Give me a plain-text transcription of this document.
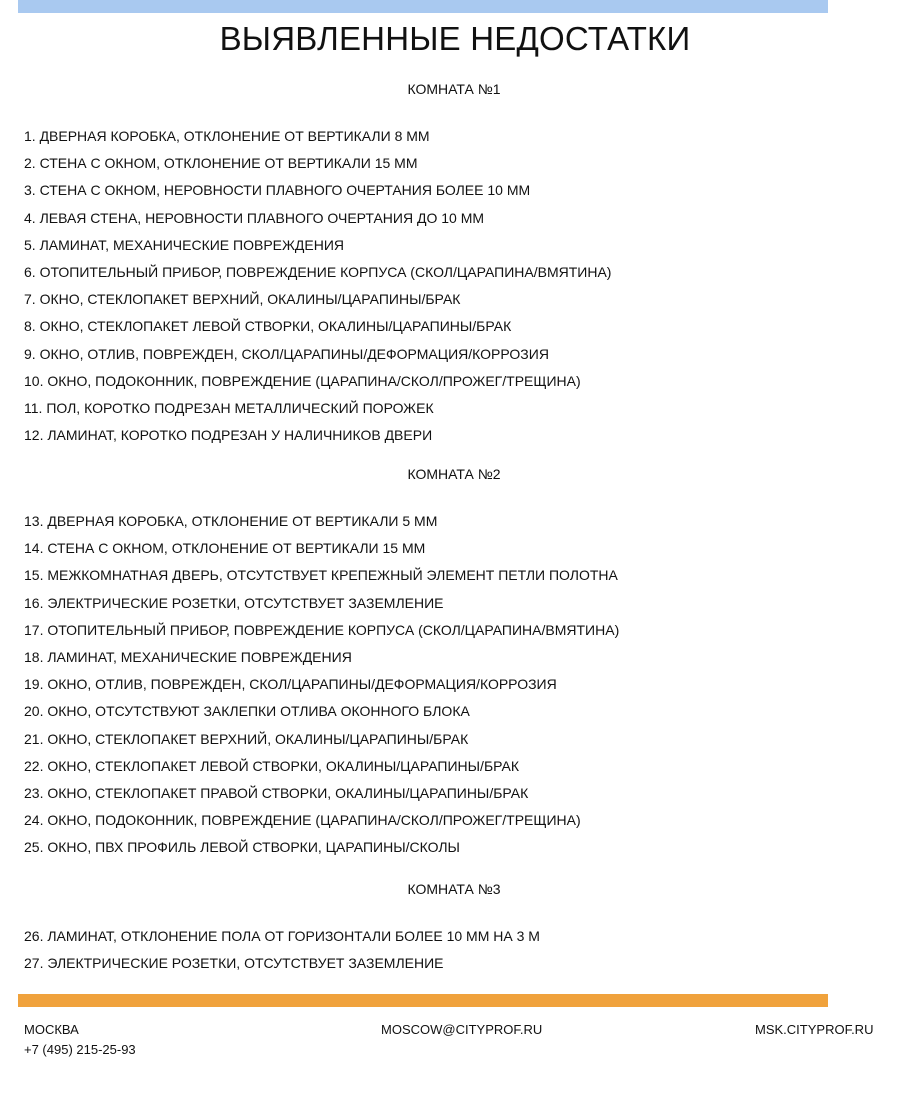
ВЫЯВЛЕННЫЕ НЕДОСТАТКИ
КОМНАТА №1
1. ДВЕРНАЯ КОРОБКА, ОТКЛОНЕНИЕ ОТ ВЕРТИКАЛИ 8 ММ
2. СТЕНА С ОКНОМ, ОТКЛОНЕНИЕ ОТ ВЕРТИКАЛИ 15 ММ
3. СТЕНА С ОКНОМ, НЕРОВНОСТИ ПЛАВНОГО ОЧЕРТАНИЯ БОЛЕЕ 10 ММ
4. ЛЕВАЯ СТЕНА, НЕРОВНОСТИ ПЛАВНОГО ОЧЕРТАНИЯ ДО 10 ММ
5. ЛАМИНАТ, МЕХАНИЧЕСКИЕ ПОВРЕЖДЕНИЯ
6. ОТОПИТЕЛЬНЫЙ ПРИБОР, ПОВРЕЖДЕНИЕ КОРПУСА (СКОЛ/ЦАРАПИНА/ВМЯТИНА)
7. ОКНО, СТЕКЛОПАКЕТ ВЕРХНИЙ, ОКАЛИНЫ/ЦАРАПИНЫ/БРАК
8. ОКНО, СТЕКЛОПАКЕТ ЛЕВОЙ СТВОРКИ, ОКАЛИНЫ/ЦАРАПИНЫ/БРАК
9. ОКНО, ОТЛИВ, ПОВРЕЖДЕН, СКОЛ/ЦАРАПИНЫ/ДЕФОРМАЦИЯ/КОРРОЗИЯ
10. ОКНО, ПОДОКОННИК, ПОВРЕЖДЕНИЕ (ЦАРАПИНА/СКОЛ/ПРОЖЕГ/ТРЕЩИНА)
11. ПОЛ, КОРОТКО ПОДРЕЗАН МЕТАЛЛИЧЕСКИЙ ПОРОЖЕК
12. ЛАМИНАТ, КОРОТКО ПОДРЕЗАН У НАЛИЧНИКОВ ДВЕРИ
КОМНАТА №2
13. ДВЕРНАЯ КОРОБКА, ОТКЛОНЕНИЕ ОТ ВЕРТИКАЛИ 5 ММ
14. СТЕНА С ОКНОМ, ОТКЛОНЕНИЕ ОТ ВЕРТИКАЛИ 15 ММ
15. МЕЖКОМНАТНАЯ ДВЕРЬ, ОТСУТСТВУЕТ КРЕПЕЖНЫЙ ЭЛЕМЕНТ ПЕТЛИ ПОЛОТНА
16. ЭЛЕКТРИЧЕСКИЕ РОЗЕТКИ, ОТСУТСТВУЕТ ЗАЗЕМЛЕНИЕ
17. ОТОПИТЕЛЬНЫЙ ПРИБОР, ПОВРЕЖДЕНИЕ КОРПУСА (СКОЛ/ЦАРАПИНА/ВМЯТИНА)
18. ЛАМИНАТ, МЕХАНИЧЕСКИЕ ПОВРЕЖДЕНИЯ
19. ОКНО, ОТЛИВ, ПОВРЕЖДЕН, СКОЛ/ЦАРАПИНЫ/ДЕФОРМАЦИЯ/КОРРОЗИЯ
20. ОКНО, ОТСУТСТВУЮТ ЗАКЛЕПКИ ОТЛИВА ОКОННОГО БЛОКА
21. ОКНО, СТЕКЛОПАКЕТ ВЕРХНИЙ, ОКАЛИНЫ/ЦАРАПИНЫ/БРАК
22. ОКНО, СТЕКЛОПАКЕТ ЛЕВОЙ СТВОРКИ, ОКАЛИНЫ/ЦАРАПИНЫ/БРАК
23. ОКНО, СТЕКЛОПАКЕТ ПРАВОЙ СТВОРКИ, ОКАЛИНЫ/ЦАРАПИНЫ/БРАК
24. ОКНО, ПОДОКОННИК, ПОВРЕЖДЕНИЕ (ЦАРАПИНА/СКОЛ/ПРОЖЕГ/ТРЕЩИНА)
25. ОКНО, ПВХ ПРОФИЛЬ ЛЕВОЙ СТВОРКИ, ЦАРАПИНЫ/СКОЛЫ
КОМНАТА №3
26. ЛАМИНАТ, ОТКЛОНЕНИЕ ПОЛА ОТ ГОРИЗОНТАЛИ БОЛЕЕ 10 ММ НА 3 М
27. ЭЛЕКТРИЧЕСКИЕ РОЗЕТКИ, ОТСУТСТВУЕТ ЗАЗЕМЛЕНИЕ
МОСКВА
+7 (495) 215-25-93
MOSCOW@CITYPROF.RU	MSK.CITYPROF.RU
